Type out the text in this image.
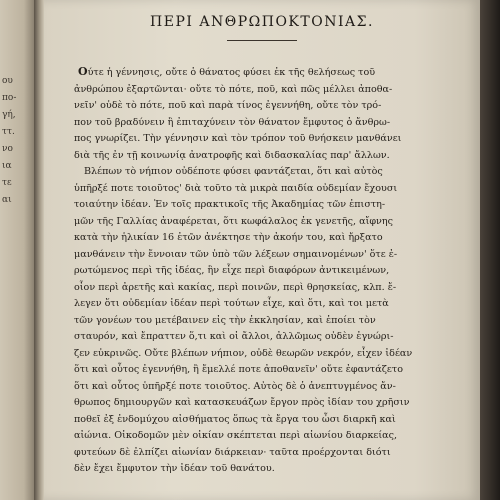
ου
πο-
γή,
ττ.
νο
ια
τε
αι
ΠΕΡΙ ΑΝΘΡΩΠΟΚΤΟΝΙΑΣ.
Ούτε ἡ γέννησις, οὔτε ὁ θάνατος φύσει ἐκ τῆς θελήσεως τοῦ
ἀνθρώπου ἐξαρτῶνται· οὔτε τὸ πότε, ποῦ, καὶ πῶς μέλλει ἀποθα-
νεῖν' οὐδὲ τὸ πότε, ποῦ καὶ παρὰ τίνος ἐγεννήθη, οὔτε τὸν τρό-
πον τοῦ βραδύνειν ἢ ἐπιταχύνειν τὸν θάνατον ἔμφυτος ὁ ἄνθρω-
πος γνωρίζει. Τὴν γέννησιν καὶ τὸν τρόπον τοῦ θνήσκειν μανθάνει
διὰ τῆς ἐν τῇ κοινωνίᾳ ἀνατροφῆς καὶ διδασκαλίας παρ' ἄλλων.
Βλέπων τὸ νήπιον οὐδέποτε φύσει φαντάζεται, ὅτι καὶ αὐτὸς
ὑπῆρξέ ποτε τοιοῦτος' διὰ τοῦτο τὰ μικρὰ παιδία οὐδεμίαν ἔχουσι
τοιαύτην ἰδέαν. Ἐν τοῖς πρακτικοῖς τῆς Ἀκαδημίας τῶν ἐπιστη-
μῶν τῆς Γαλλίας ἀναφέρεται, ὅτι κωφάλαλος ἐκ γενετῆς, αἴφνης
κατὰ τὴν ἡλικίαν 16 ἐτῶν ἀνέκτησε τὴν ἀκοήν του, καὶ ἤρξατο
μανθάνειν τὴν ἔννοιαν τῶν ὑπὸ τῶν λέξεων σημαινομένων' ὅτε ἐ-
ρωτώμενος περὶ τῆς ἰδέας, ἣν εἶχε περὶ διαφόρων ἀντικειμένων,
οἷον περὶ ἀρετῆς καὶ κακίας, περὶ ποινῶν, περὶ θρησκείας, κλπ. ἔ-
λεγεν ὅτι οὐδεμίαν ἰδέαν περὶ τούτων εἶχε, καὶ ὅτι, καὶ τοι μετὰ
τῶν γονέων του μετέβαινεν εἰς τὴν ἐκκλησίαν, καὶ ἐποίει τὸν
σταυρόν, καὶ ἔπραττεν ὅ,τι καὶ οἱ ἄλλοι, ἀλλῶμως οὐδὲν ἐγνώρι-
ζεν εὐκρινῶς. Οὔτε βλέπων νήπιον, οὐδὲ θεωρῶν νεκρόν, εἶχεν ἰδέαν
ὅτι καὶ οὗτος ἐγεννήθη, ἢ ἔμελλέ ποτε ἀποθανεῖν' οὔτε ἐφαντάζετο
ὅτι καὶ οὗτος ὑπῆρξέ ποτε τοιοῦτος. Αὐτὸς δὲ ὁ ἀνεπτυγμένος ἄν-
θρωπος δημιουργῶν καὶ κατασκευάζων ἔργον πρὸς ἰδίαν του χρῆσιν
ποθεῖ ἐξ ἐνδομύχου αἰσθήματος ὅπως τὰ ἔργα του ὦσι διαρκῆ καὶ
αἰώνια. Οἰκοδομῶν μὲν οἰκίαν σκέπτεται περὶ αἰωνίου διαρκείας,
φυτεύων δὲ ἐλπίζει αἰωνίαν διάρκειαν· ταῦτα προέρχονται διότι
δὲν ἔχει ἔμφυτον τὴν ἰδέαν τοῦ θανάτου.
